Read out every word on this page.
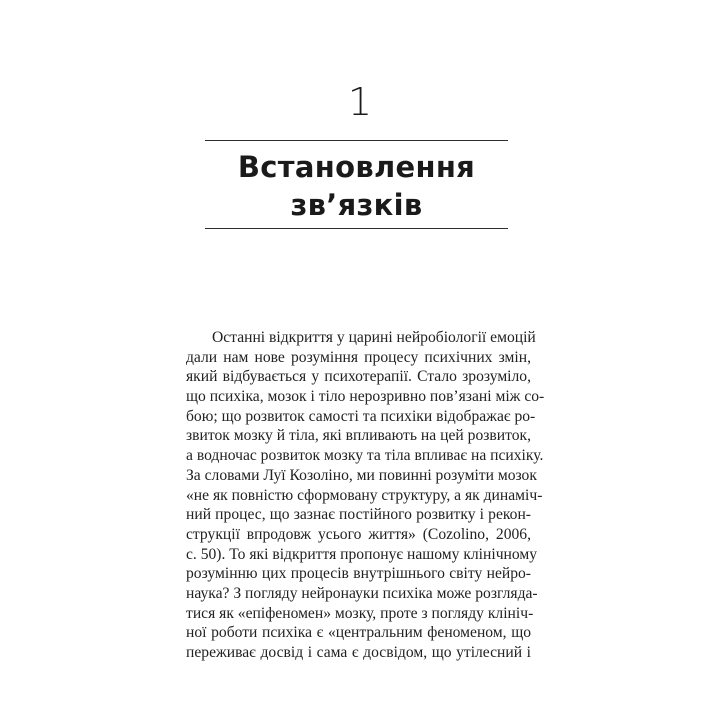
1
Встановлення
зв’язків

Останні відкриття у царині нейробіології емоцій
дали нам нове розуміння процесу психічних змін,
який відбувається у психотерапії. Стало зрозуміло,
що психіка, мозок і тіло нерозривно пов’язані між со-
бою; що розвиток самості та психіки відображає ро-
звиток мозку й тіла, які впливають на цей розвиток,
а водночас розвиток мозку та тіла впливає на психіку.
За словами Луї Козоліно, ми повинні розуміти мозок
«не як повністю сформовану структуру, а як динаміч-
ний процес, що зазнає постійного розвитку і рекон-
струкції впродовж усього життя» (Cozolino, 2006,
с. 50). То які відкриття пропонує нашому клінічному
розумінню цих процесів внутрішнього світу нейро-
наука? З погляду нейронауки психіка може розгляда-
тися як «епіфеномен» мозку, проте з погляду клініч-
ної роботи психіка є «центральним феноменом, що
переживає досвід і сама є досвідом, що утілесний і
